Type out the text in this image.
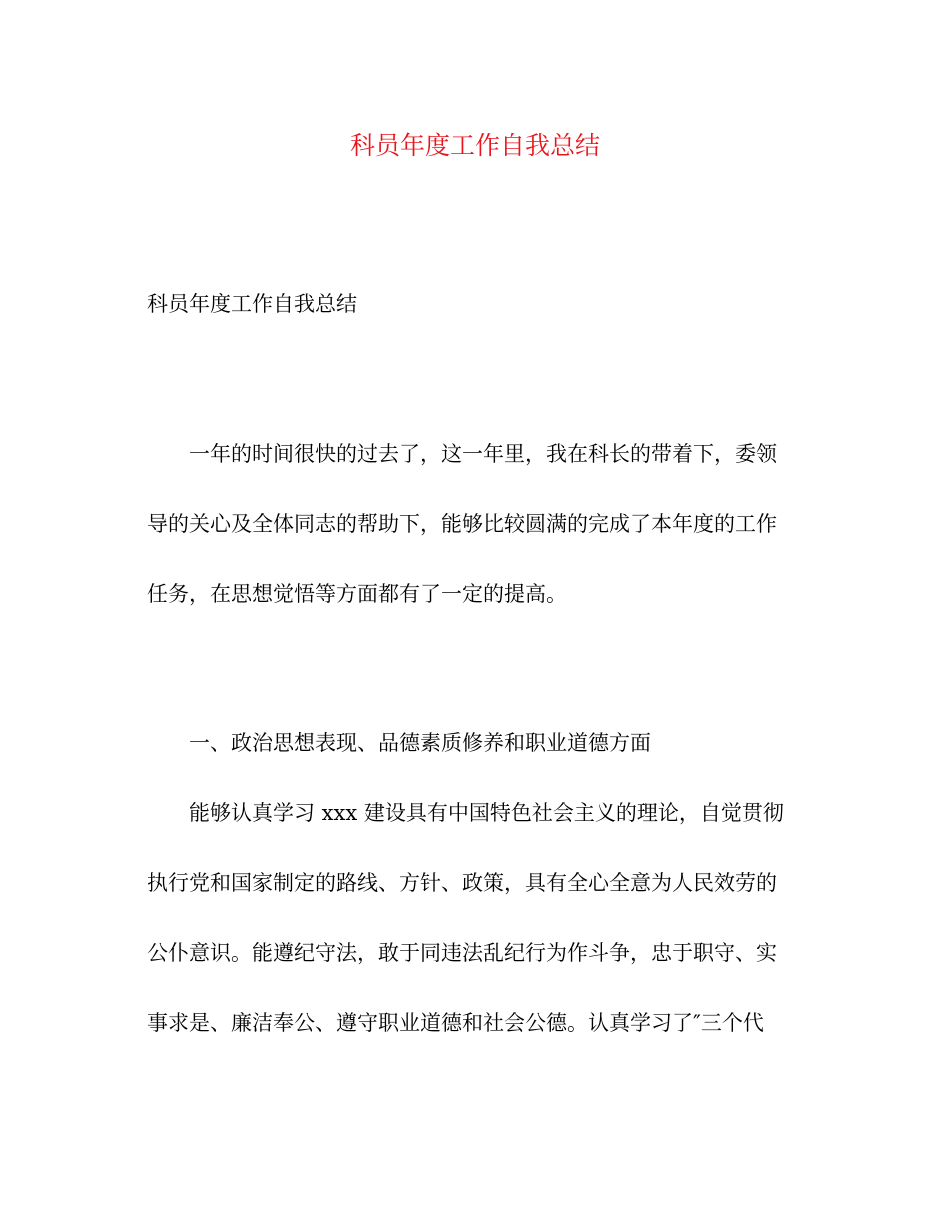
科员年度工作自我总结
科员年度工作自我总结
一年的时间很快的过去了，这一年里，我在科长的带着下，委领
导的关心及全体同志的帮助下，能够比较圆满的完成了本年度的工作
任务，在思想觉悟等方面都有了一定的提高。
一、政治思想表现、品德素质修养和职业道德方面
能够认真学习 xxx 建设具有中国特色社会主义的理论，自觉贯彻
执行党和国家制定的路线、方针、政策，具有全心全意为人民效劳的
公仆意识。能遵纪守法，敢于同违法乱纪行为作斗争，忠于职守、实
事求是、廉洁奉公、遵守职业道德和社会公德。认真学习了″三个代
